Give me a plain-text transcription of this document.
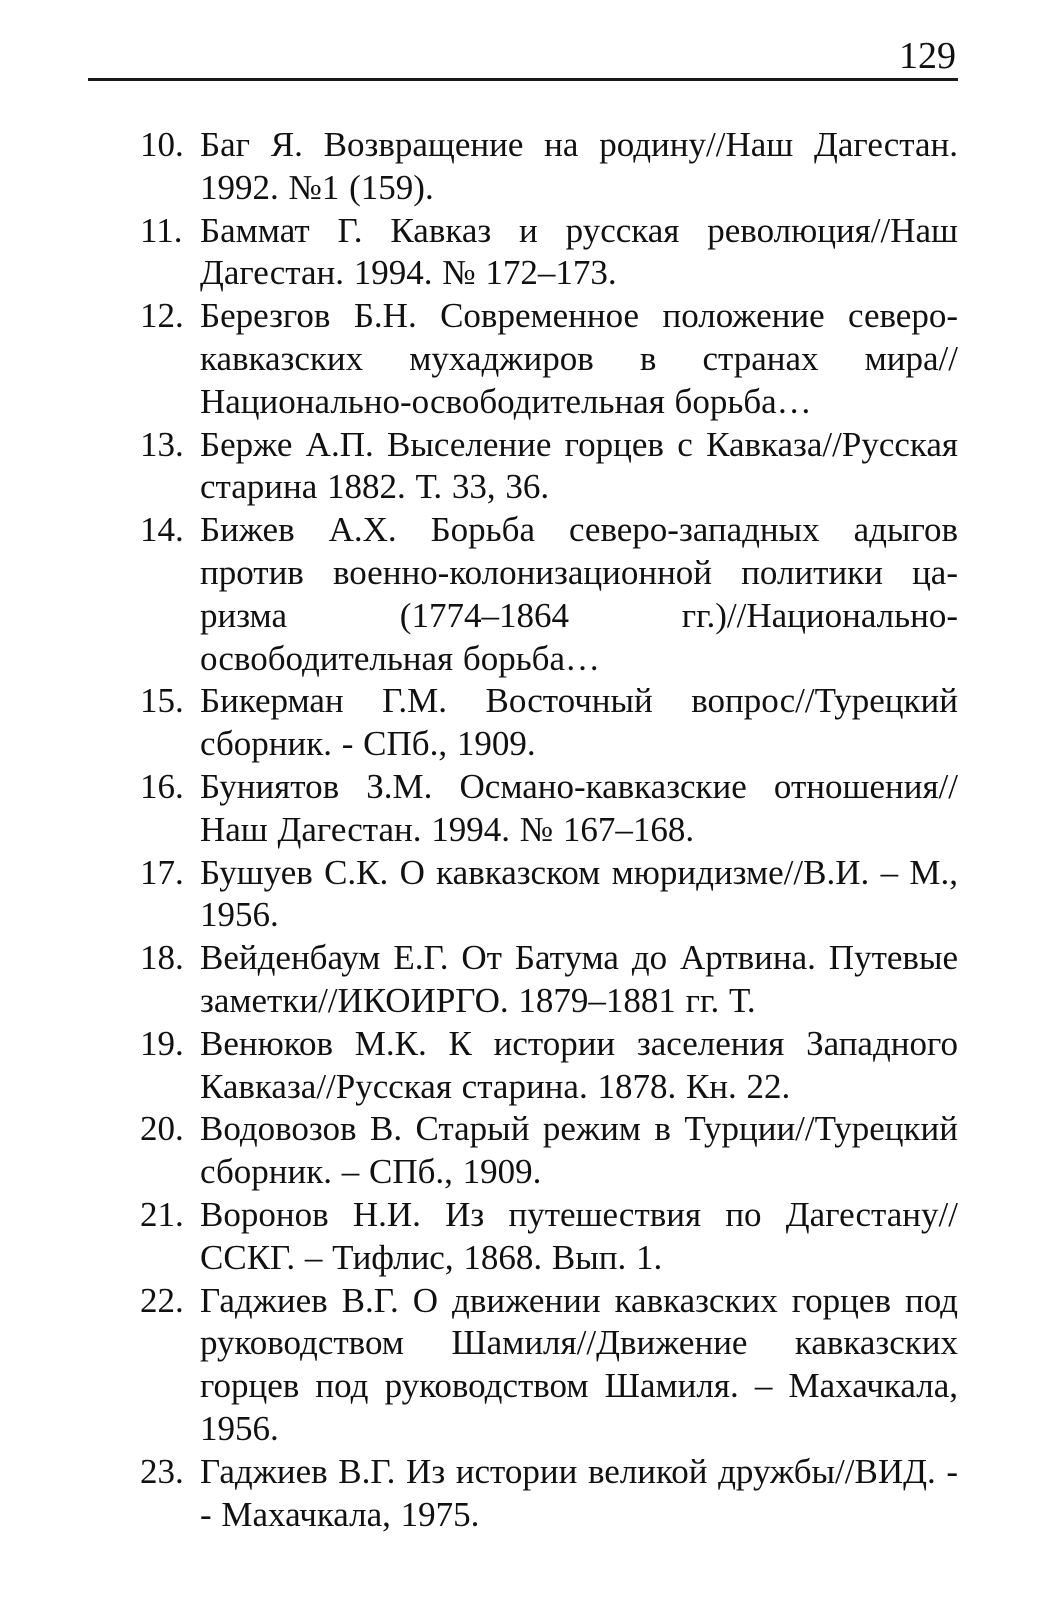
129
10. Баг Я. Возвращение на родину//Наш Дагестан. 1992. №1 (159).
11. Баммат Г. Кавказ и русская революция//Наш Дагестан. 1994. № 172–173.
12. Березгов Б.Н. Современное положение северокавказских мухаджиров в странах мира//Национально-освободительная борьба…
13. Берже А.П. Выселение горцев с Кавказа//Русская старина 1882. Т. 33, 36.
14. Бижев А.Х. Борьба северо-западных адыгов против военно-колонизационной политики царизма (1774–1864 гг.)//Национально-освободительная борьба…
15. Бикерман Г.М. Восточный вопрос//Турецкий сборник. - СПб., 1909.
16. Буниятов З.М. Османо-кавказские отношения//Наш Дагестан. 1994. № 167–168.
17. Бушуев С.К. О кавказском мюридизме//В.И. – М., 1956.
18. Вейденбаум Е.Г. От Батума до Артвина. Путевые заметки//ИКОИРГО. 1879–1881 гг. Т.
19. Венюков М.К. К истории заселения Западного Кавказа//Русская старина. 1878. Кн. 22.
20. Водовозов В. Старый режим в Турции//Турецкий сборник. – СПб., 1909.
21. Воронов Н.И. Из путешествия по Дагестану//ССКГ. – Тифлис, 1868. Вып. 1.
22. Гаджиев В.Г. О движении кавказских горцев под руководством Шамиля//Движение кавказских горцев под руководством Шамиля. – Махачкала, 1956.
23. Гаджиев В.Г. Из истории великой дружбы//ВИД. -- Махачкала, 1975.
